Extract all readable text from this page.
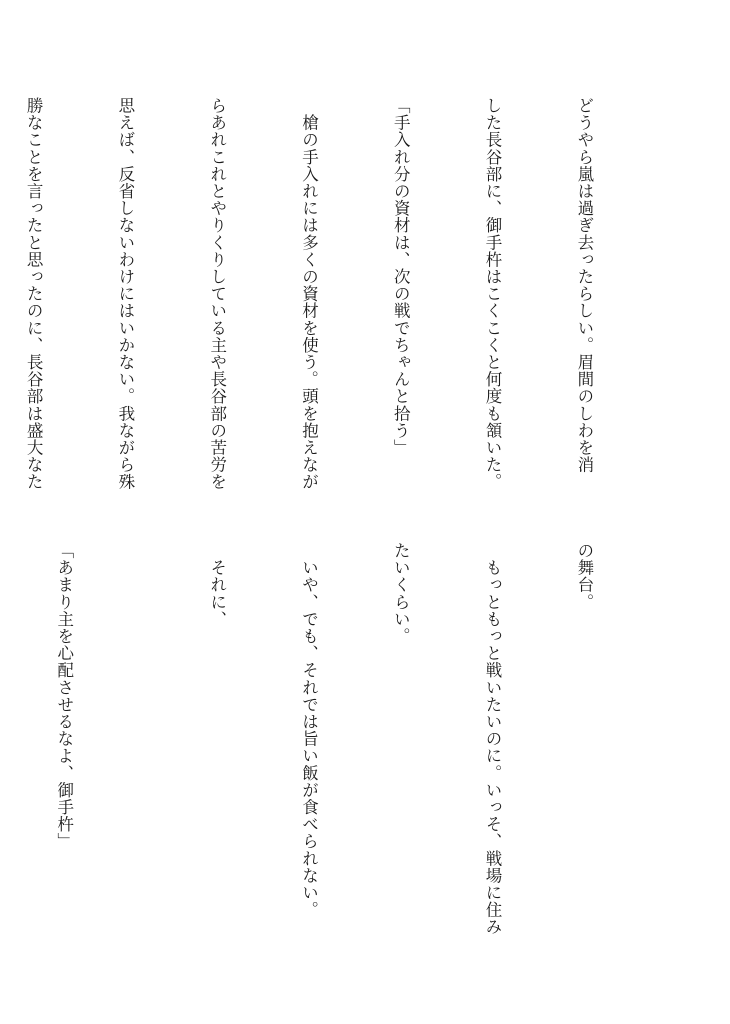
どうやら嵐は過ぎ去ったらしい。眉間のしわを消

した長谷部に、御手杵はこくこくと何度も頷いた。

「手入れ分の資材は、次の戦でちゃんと拾う」

　槍の手入れには多くの資材を使う。頭を抱えなが

らあれこれとやりくりしている主や長谷部の苦労を

思えば、反省しないわけにはいかない。我ながら殊

勝なことを言ったと思ったのに、長谷部は盛大なた

の舞台。

　もっともっと戦いたいのに。いっそ、戦場に住み

たいくらい。

　いや、でも、それでは旨い飯が食べられない。

　それに、

「あまり主を心配させるなよ、御手杵」
